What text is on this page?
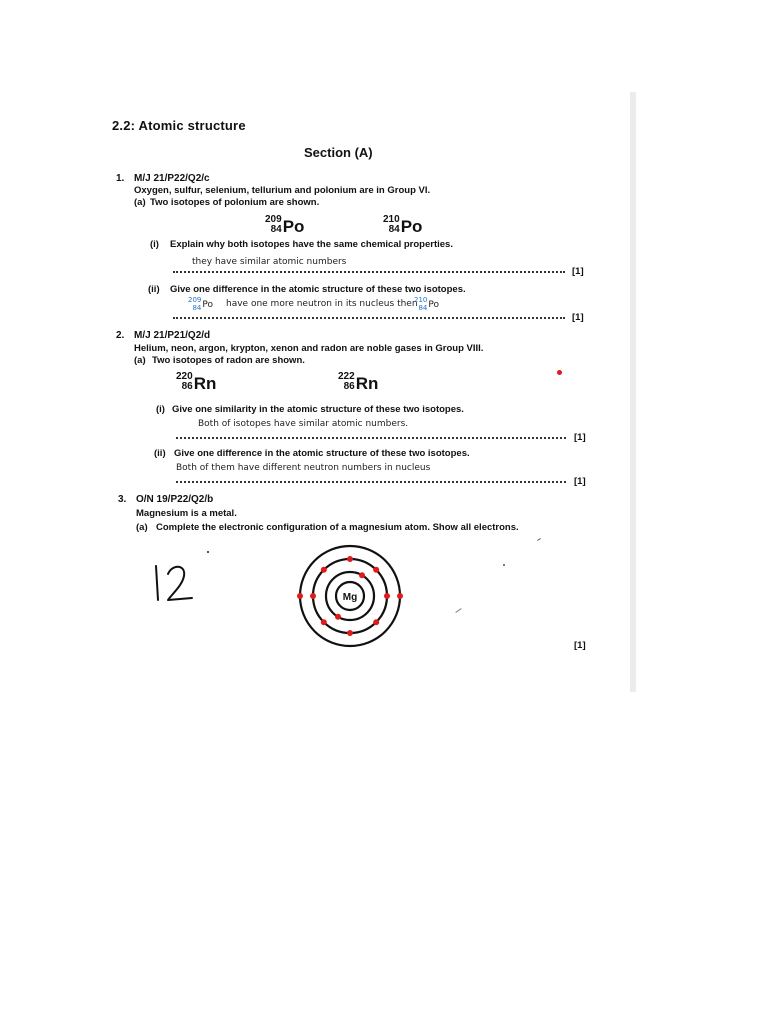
2.2: Atomic structure
Section (A)
1. M/J 21/P22/Q2/c
Oxygen, sulfur, selenium, tellurium and polonium are in Group VI.
(a) Two isotopes of polonium are shown.
209
84 Po	210
84 Po
(i) Explain why both isotopes have the same chemical properties.
they have similar atomic numbers
[1]
(ii) Give one difference in the atomic structure of these two isotopes.
209
84 Po have one more neutron in its nucleus then
210
84 Po
[1]
2. M/J 21/P21/Q2/d
Helium, neon, argon, krypton, xenon and radon are noble gases in Group VIII.
(a) Two isotopes of radon are shown.
220
86 Rn	222
86 Rn
(i) Give one similarity in the atomic structure of these two isotopes.
Both of isotopes have similar atomic numbers.
[1]
(ii) Give one difference in the atomic structure of these two isotopes.
Both of them have different neutron numbers in nucleus
[1]
3. O/N 19/P22/Q2/b
Magnesium is a metal.
(a) Complete the electronic configuration of a magnesium atom. Show all electrons.
Mg
[1]
